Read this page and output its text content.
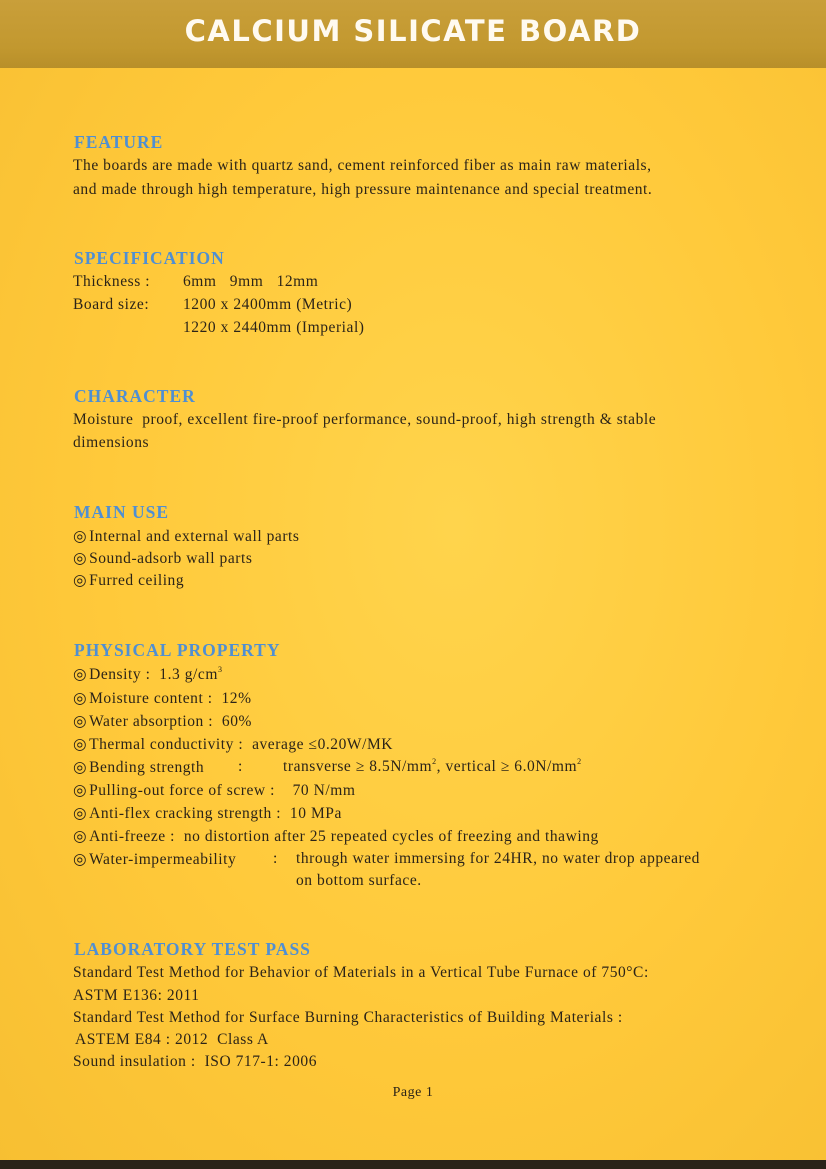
CALCIUM SILICATE BOARD
FEATURE
The boards are made with quartz sand, cement reinforced fiber as main raw materials,
and made through high temperature, high pressure maintenance and special treatment.
SPECIFICATION
Thickness : 6mm   9mm   12mm
Board size: 1200 x 2400mm (Metric)
1220 x 2440mm (Imperial)
CHARACTER
Moisture  proof, excellent fire-proof performance, sound-proof, high strength & stable
dimensions
MAIN USE
◎ Internal and external wall parts
◎ Sound-adsorb wall parts
◎ Furred ceiling
PHYSICAL PROPERTY
◎ Density : 1.3 $g/cm^3$
◎ Moisture content :  12%
◎ Water absorption :  60%
◎ Thermal conductivity :  average ≤0.20W/MK
◎ Bending strength :	transverse ≥ $8.5N/mm^2$, vertical ≥ $6.0N/mm^2$
◎ Pulling-out force of screw :    70 N/mm
◎ Anti-flex cracking strength :  10 MPa
◎ Anti-freeze :  no distortion after 25 repeated cycles of freezing and thawing
◎ Water-impermeability : through water immersing for 24HR, no water drop appeared
on bottom surface.
LABORATORY TEST PASS
Standard Test Method for Behavior of Materials in a Vertical Tube Furnace of 750°C:
ASTM E136: 2011
Standard Test Method for Surface Burning Characteristics of Building Materials :
ASTEM E84 : 2012  Class A
Sound insulation :  ISO 717-1: 2006
Page 1
